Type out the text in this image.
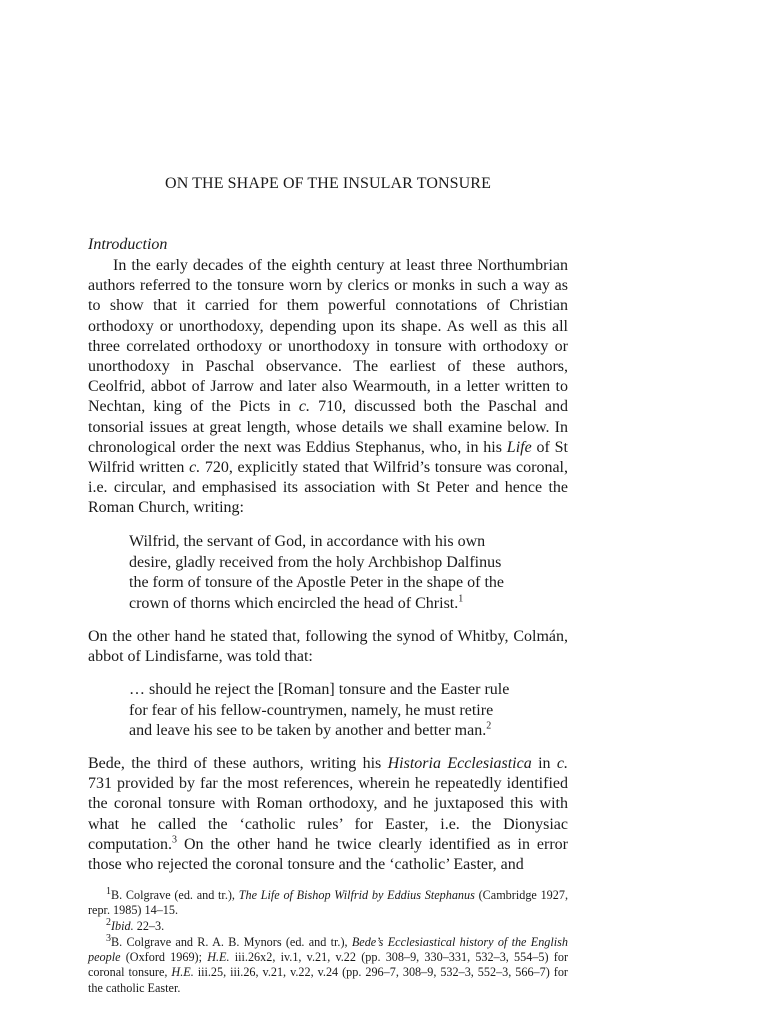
ON THE SHAPE OF THE INSULAR TONSURE
Introduction

In the early decades of the eighth century at least three Northumbrian authors referred to the tonsure worn by clerics or monks in such a way as to show that it carried for them powerful connotations of Christian orthodoxy or unorthodoxy, depending upon its shape. As well as this all three correlated orthodoxy or unorthodoxy in tonsure with orthodoxy or unorthodoxy in Paschal observance. The earliest of these authors, Ceolfrid, abbot of Jarrow and later also Wearmouth, in a letter written to Nechtan, king of the Picts in c. 710, discussed both the Paschal and tonsorial issues at great length, whose details we shall examine below. In chronological order the next was Eddius Stephanus, who, in his Life of St Wilfrid written c. 720, explicitly stated that Wilfrid’s tonsure was coronal, i.e. circular, and emphasised its association with St Peter and hence the Roman Church, writing:

Wilfrid, the servant of God, in accordance with his own
desire, gladly received from the holy Archbishop Dalfinus
the form of tonsure of the Apostle Peter in the shape of the
crown of thorns which encircled the head of Christ.$^1$

On the other hand he stated that, following the synod of Whitby, Colmán, abbot of Lindisfarne, was told that:

… should he reject the [Roman] tonsure and the Easter rule
for fear of his fellow-countrymen, namely, he must retire
and leave his see to be taken by another and better man.$^2$

Bede, the third of these authors, writing his Historia Ecclesiastica in c. 731 provided by far the most references, wherein he repeatedly identified the coronal tonsure with Roman orthodoxy, and he juxtaposed this with what he called the ‘catholic rules’ for Easter, i.e. the Dionysiac computation.$^3$ On the other hand he twice clearly identified as in error those who rejected the coronal tonsure and the ‘catholic’ Easter, and

$^1$B. Colgrave (ed. and tr.), The Life of Bishop Wilfrid by Eddius Stephanus (Cambridge 1927, repr. 1985) 14–15.

$^2$Ibid. 22–3.

$^3$B. Colgrave and R. A. B. Mynors (ed. and tr.), Bede’s Ecclesiastical history of the English people (Oxford 1969); H.E. iii.26x2, iv.1, v.21, v.22 (pp. 308–9, 330–331, 532–3, 554–5) for coronal tonsure, H.E. iii.25, iii.26, v.21, v.22, v.24 (pp. 296–7, 308–9, 532–3, 552–3, 566–7) for the catholic Easter.
